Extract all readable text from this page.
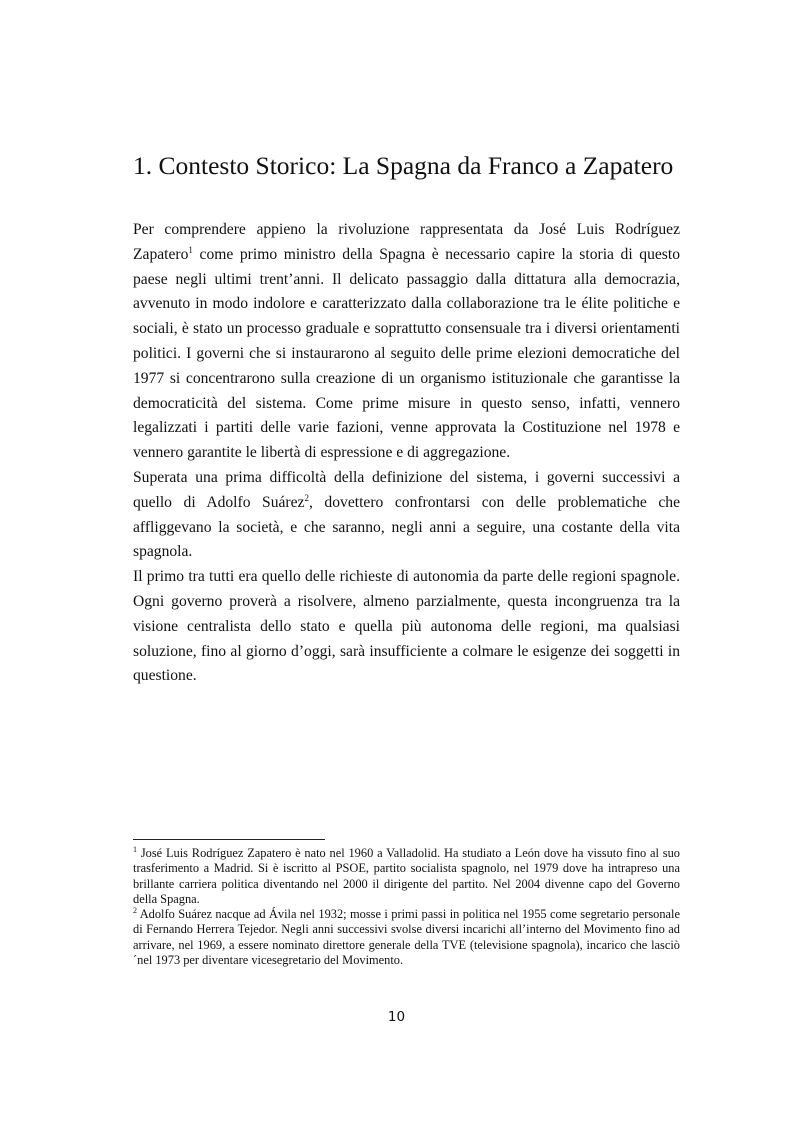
1. Contesto Storico: La Spagna da Franco a Zapatero

Per comprendere appieno la rivoluzione rappresentata da José Luis Rodríguez Zapatero$^1$ come primo ministro della Spagna è necessario capire la storia di questo paese negli ultimi trent’anni. Il delicato passaggio dalla dittatura alla democrazia, avvenuto in modo indolore e caratterizzato dalla collaborazione tra le élite politiche e sociali, è stato un processo graduale e soprattutto consensuale tra i diversi orientamenti politici. I governi che si instaurarono al seguito delle prime elezioni democratiche del 1977 si concentrarono sulla creazione di un organismo istituzionale che garantisse la democraticità del sistema. Come prime misure in questo senso, infatti, vennero legalizzati i partiti delle varie fazioni, venne approvata la Costituzione nel 1978 e vennero garantite le libertà di espressione e di aggregazione.

Superata una prima difficoltà della definizione del sistema, i governi successivi a quello di Adolfo Suárez$^2$, dovettero confrontarsi con delle problematiche che affliggevano la società, e che saranno, negli anni a seguire, una costante della vita spagnola.

Il primo tra tutti era quello delle richieste di autonomia da parte delle regioni spagnole. Ogni governo proverà a risolvere, almeno parzialmente, questa incongruenza tra la visione centralista dello stato e quella più autonoma delle regioni, ma qualsiasi soluzione, fino al giorno d’oggi, sarà insufficiente a colmare le esigenze dei soggetti in questione.

$^1$ José Luis Rodríguez Zapatero è nato nel 1960 a Valladolid. Ha studiato a León dove ha vissuto fino al suo trasferimento a Madrid. Si è iscritto al PSOE, partito socialista spagnolo, nel 1979 dove ha intrapreso una brillante carriera politica diventando nel 2000 il dirigente del partito. Nel 2004 divenne capo del Governo della Spagna.

$^2$ Adolfo Suárez nacque ad Ávila nel 1932; mosse i primi passi in politica nel 1955 come segretario personale di Fernando Herrera Tejedor. Negli anni successivi svolse diversi incarichi all’interno del Movimento fino ad arrivare, nel 1969, a essere nominato direttore generale della TVE (televisione spagnola), incarico che lasciò´nel 1973 per diventare vicesegretario del Movimento.

10
